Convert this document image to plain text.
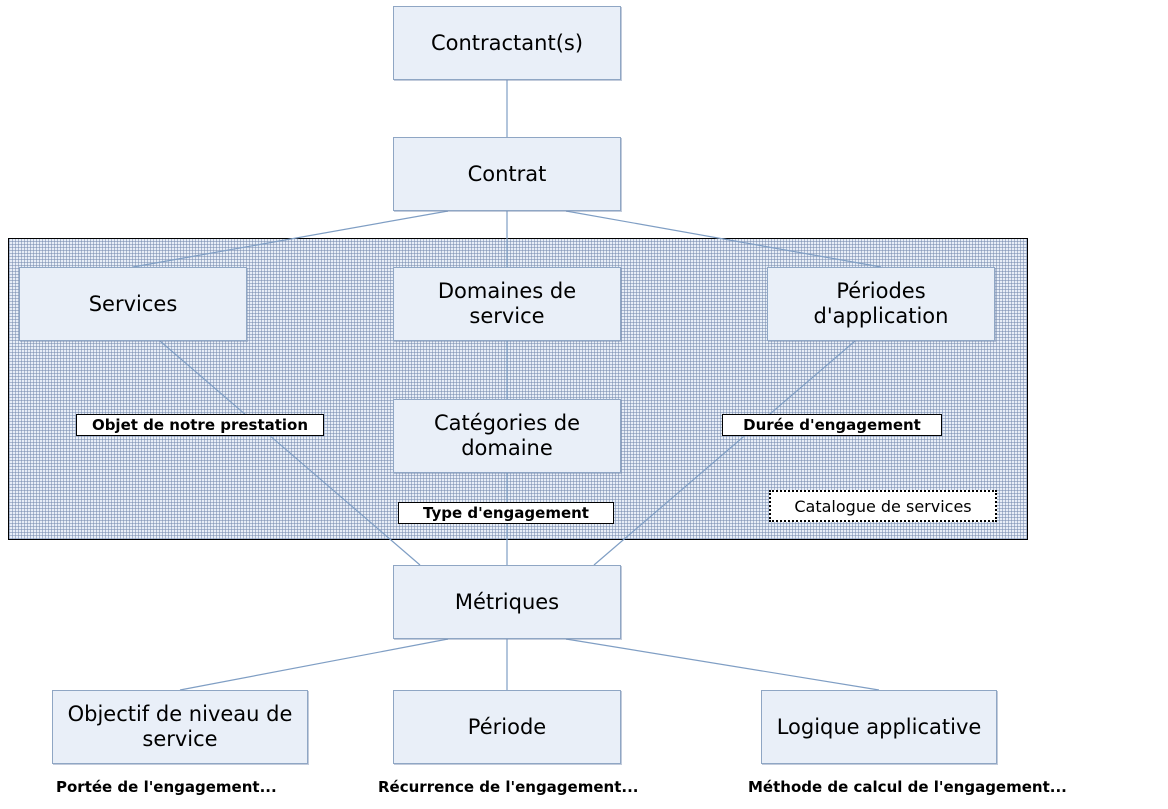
Contractant(s)
Contrat
Services
Domaines de service
Périodes d'application
Catégories de domaine
Métriques
Objectif de niveau de service
Période	Logique applicative
Objet de notre prestation	Durée d'engagement
Type d'engagement	Catalogue de services
Portée de l'engagement...	Récurrence de l'engagement...	Méthode de calcul de l'engagement...
